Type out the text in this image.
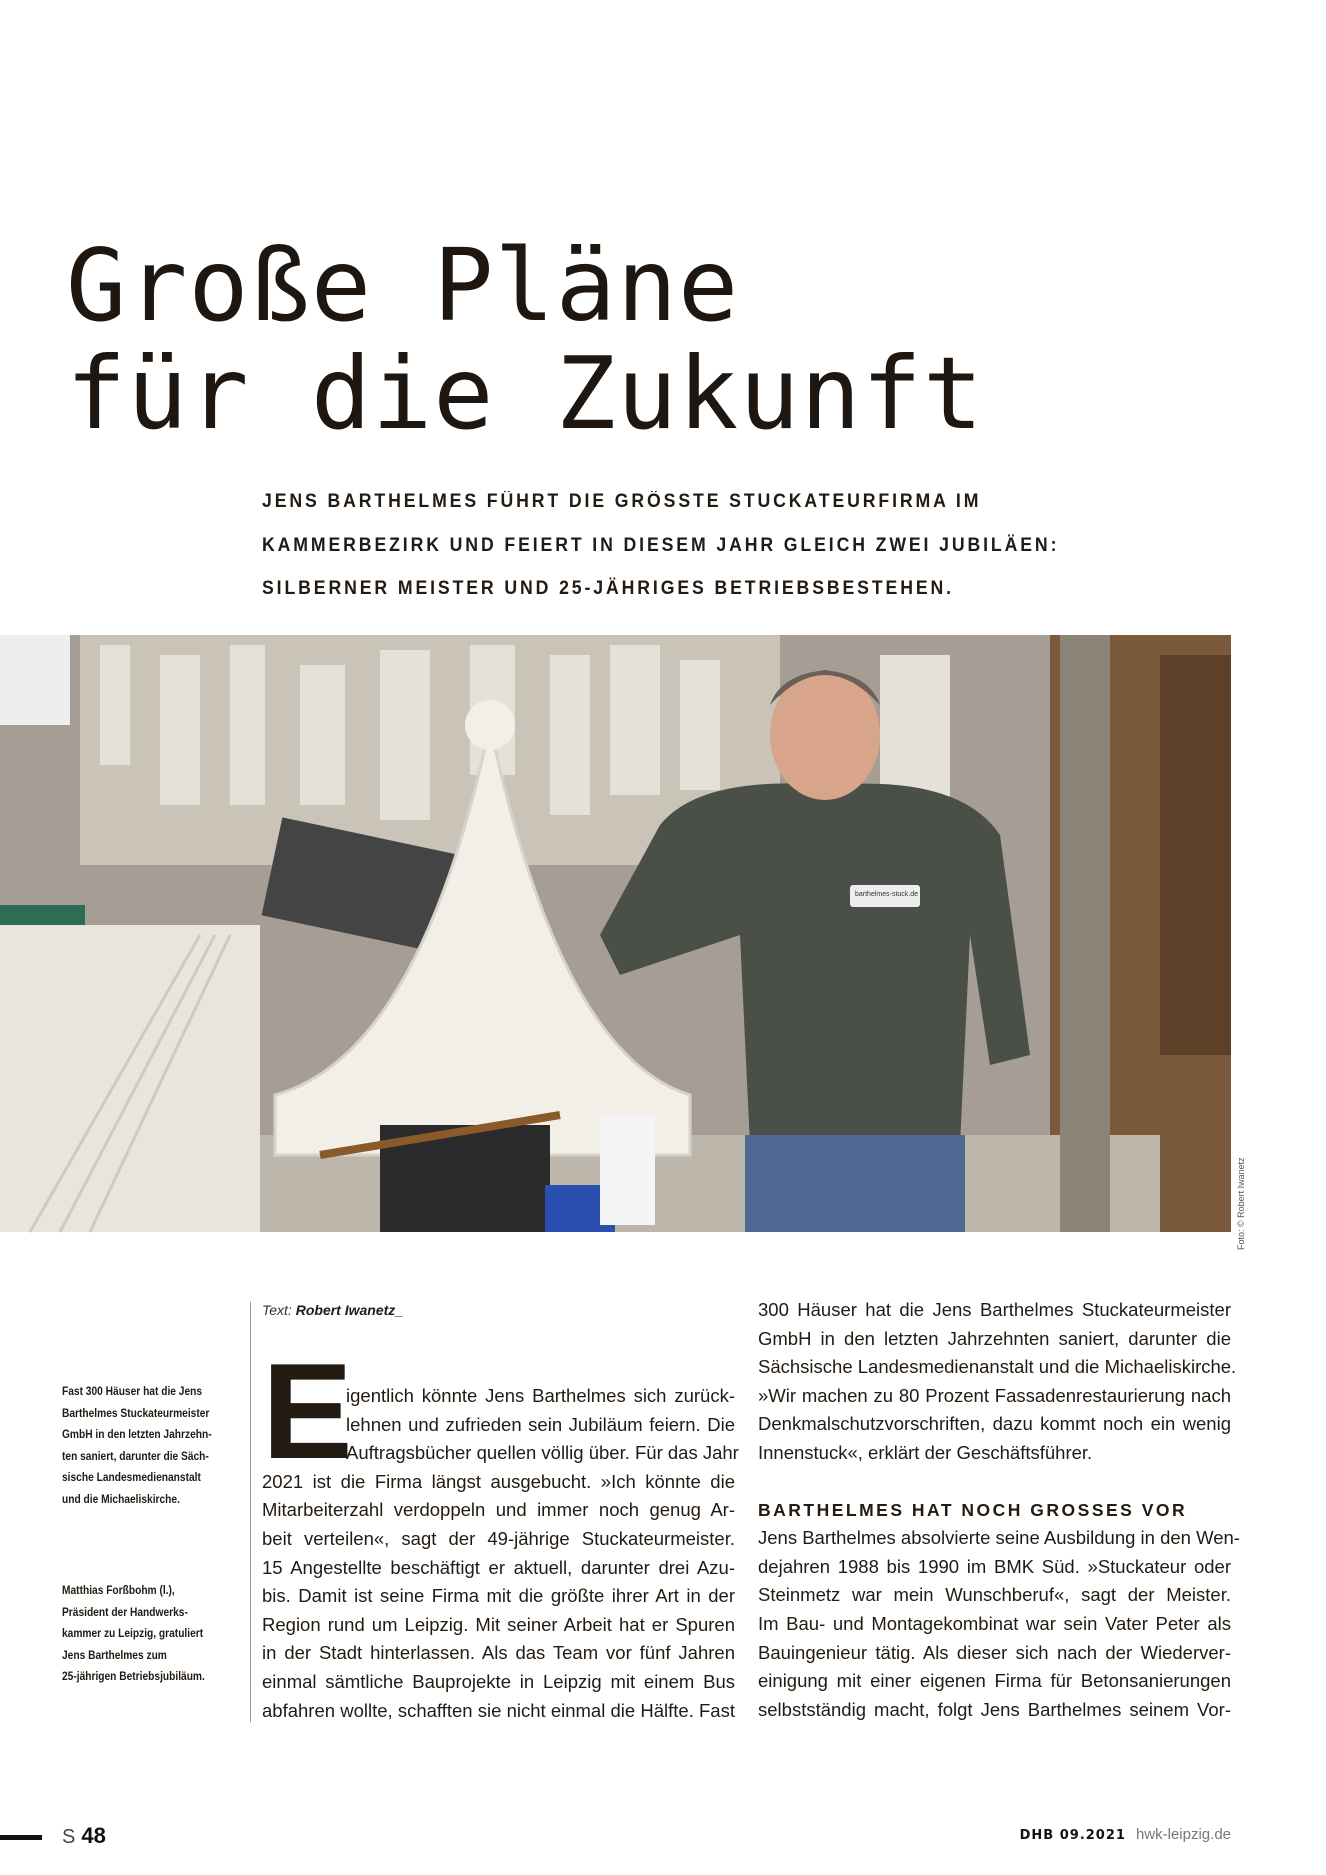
Große Pläne
für die Zukunft
JENS BARTHELMES FÜHRT DIE GRÖSSTE STUCKATEURFIRMA IM
KAMMERBEZIRK UND FEIERT IN DIESEM JAHR GLEICH ZWEI JUBILÄEN:
SILBERNER MEISTER UND 25-JÄHRIGES BETRIEBSBESTEHEN.
barthelmes-stuck.de
Foto: © Robert Iwanetz
Fast 300 Häuser hat die Jens
Barthelmes Stuckateurmeister
GmbH in den letzten Jahrzehn-
ten saniert, darunter die Säch-
sische Landesmedienanstalt
und die Michaeliskirche.
Matthias Forßbohm (l.),
Präsident der Handwerks-
kammer zu Leipzig, gratuliert
Jens Barthelmes zum
25-jährigen Betriebsjubiläum.
Text: Robert Iwanetz_
E
igentlich könnte Jens Barthelmes sich zurück-
lehnen und zufrieden sein Jubiläum feiern. Die
Auftragsbücher quellen völlig über. Für das Jahr
2021 ist die Firma längst ausgebucht. »Ich könnte die
Mitarbeiterzahl verdoppeln und immer noch genug Ar-
beit verteilen«, sagt der 49-jährige Stuckateurmeister.
15 Angestellte beschäftigt er aktuell, darunter drei Azu-
bis. Damit ist seine Firma mit die größte ihrer Art in der
Region rund um Leipzig. Mit seiner Arbeit hat er Spuren
in der Stadt hinterlassen. Als das Team vor fünf Jahren
einmal sämtliche Bauprojekte in Leipzig mit einem Bus
abfahren wollte, schafften sie nicht einmal die Hälfte. Fast
300 Häuser hat die Jens Barthelmes Stuckateurmeister
GmbH in den letzten Jahrzehnten saniert, darunter die
Sächsische Landesmedienanstalt und die Michaeliskirche.
»Wir machen zu 80 Prozent Fassadenrestaurierung nach
Denkmalschutzvorschriften, dazu kommt noch ein wenig
Innenstuck«, erklärt der Geschäftsführer.
BARTHELMES HAT NOCH GROSSES VOR
Jens Barthelmes absolvierte seine Ausbildung in den Wen-
dejahren 1988 bis 1990 im BMK Süd. »Stuckateur oder
Steinmetz war mein Wunschberuf«, sagt der Meister.
Im Bau- und Montagekombinat war sein Vater Peter als
Bauingenieur tätig. Als dieser sich nach der Wiederver-
einigung mit einer eigenen Firma für Betonsanierungen
selbstständig macht, folgt Jens Barthelmes seinem Vor-
S 48	DHB 09.2021 hwk-leipzig.de
